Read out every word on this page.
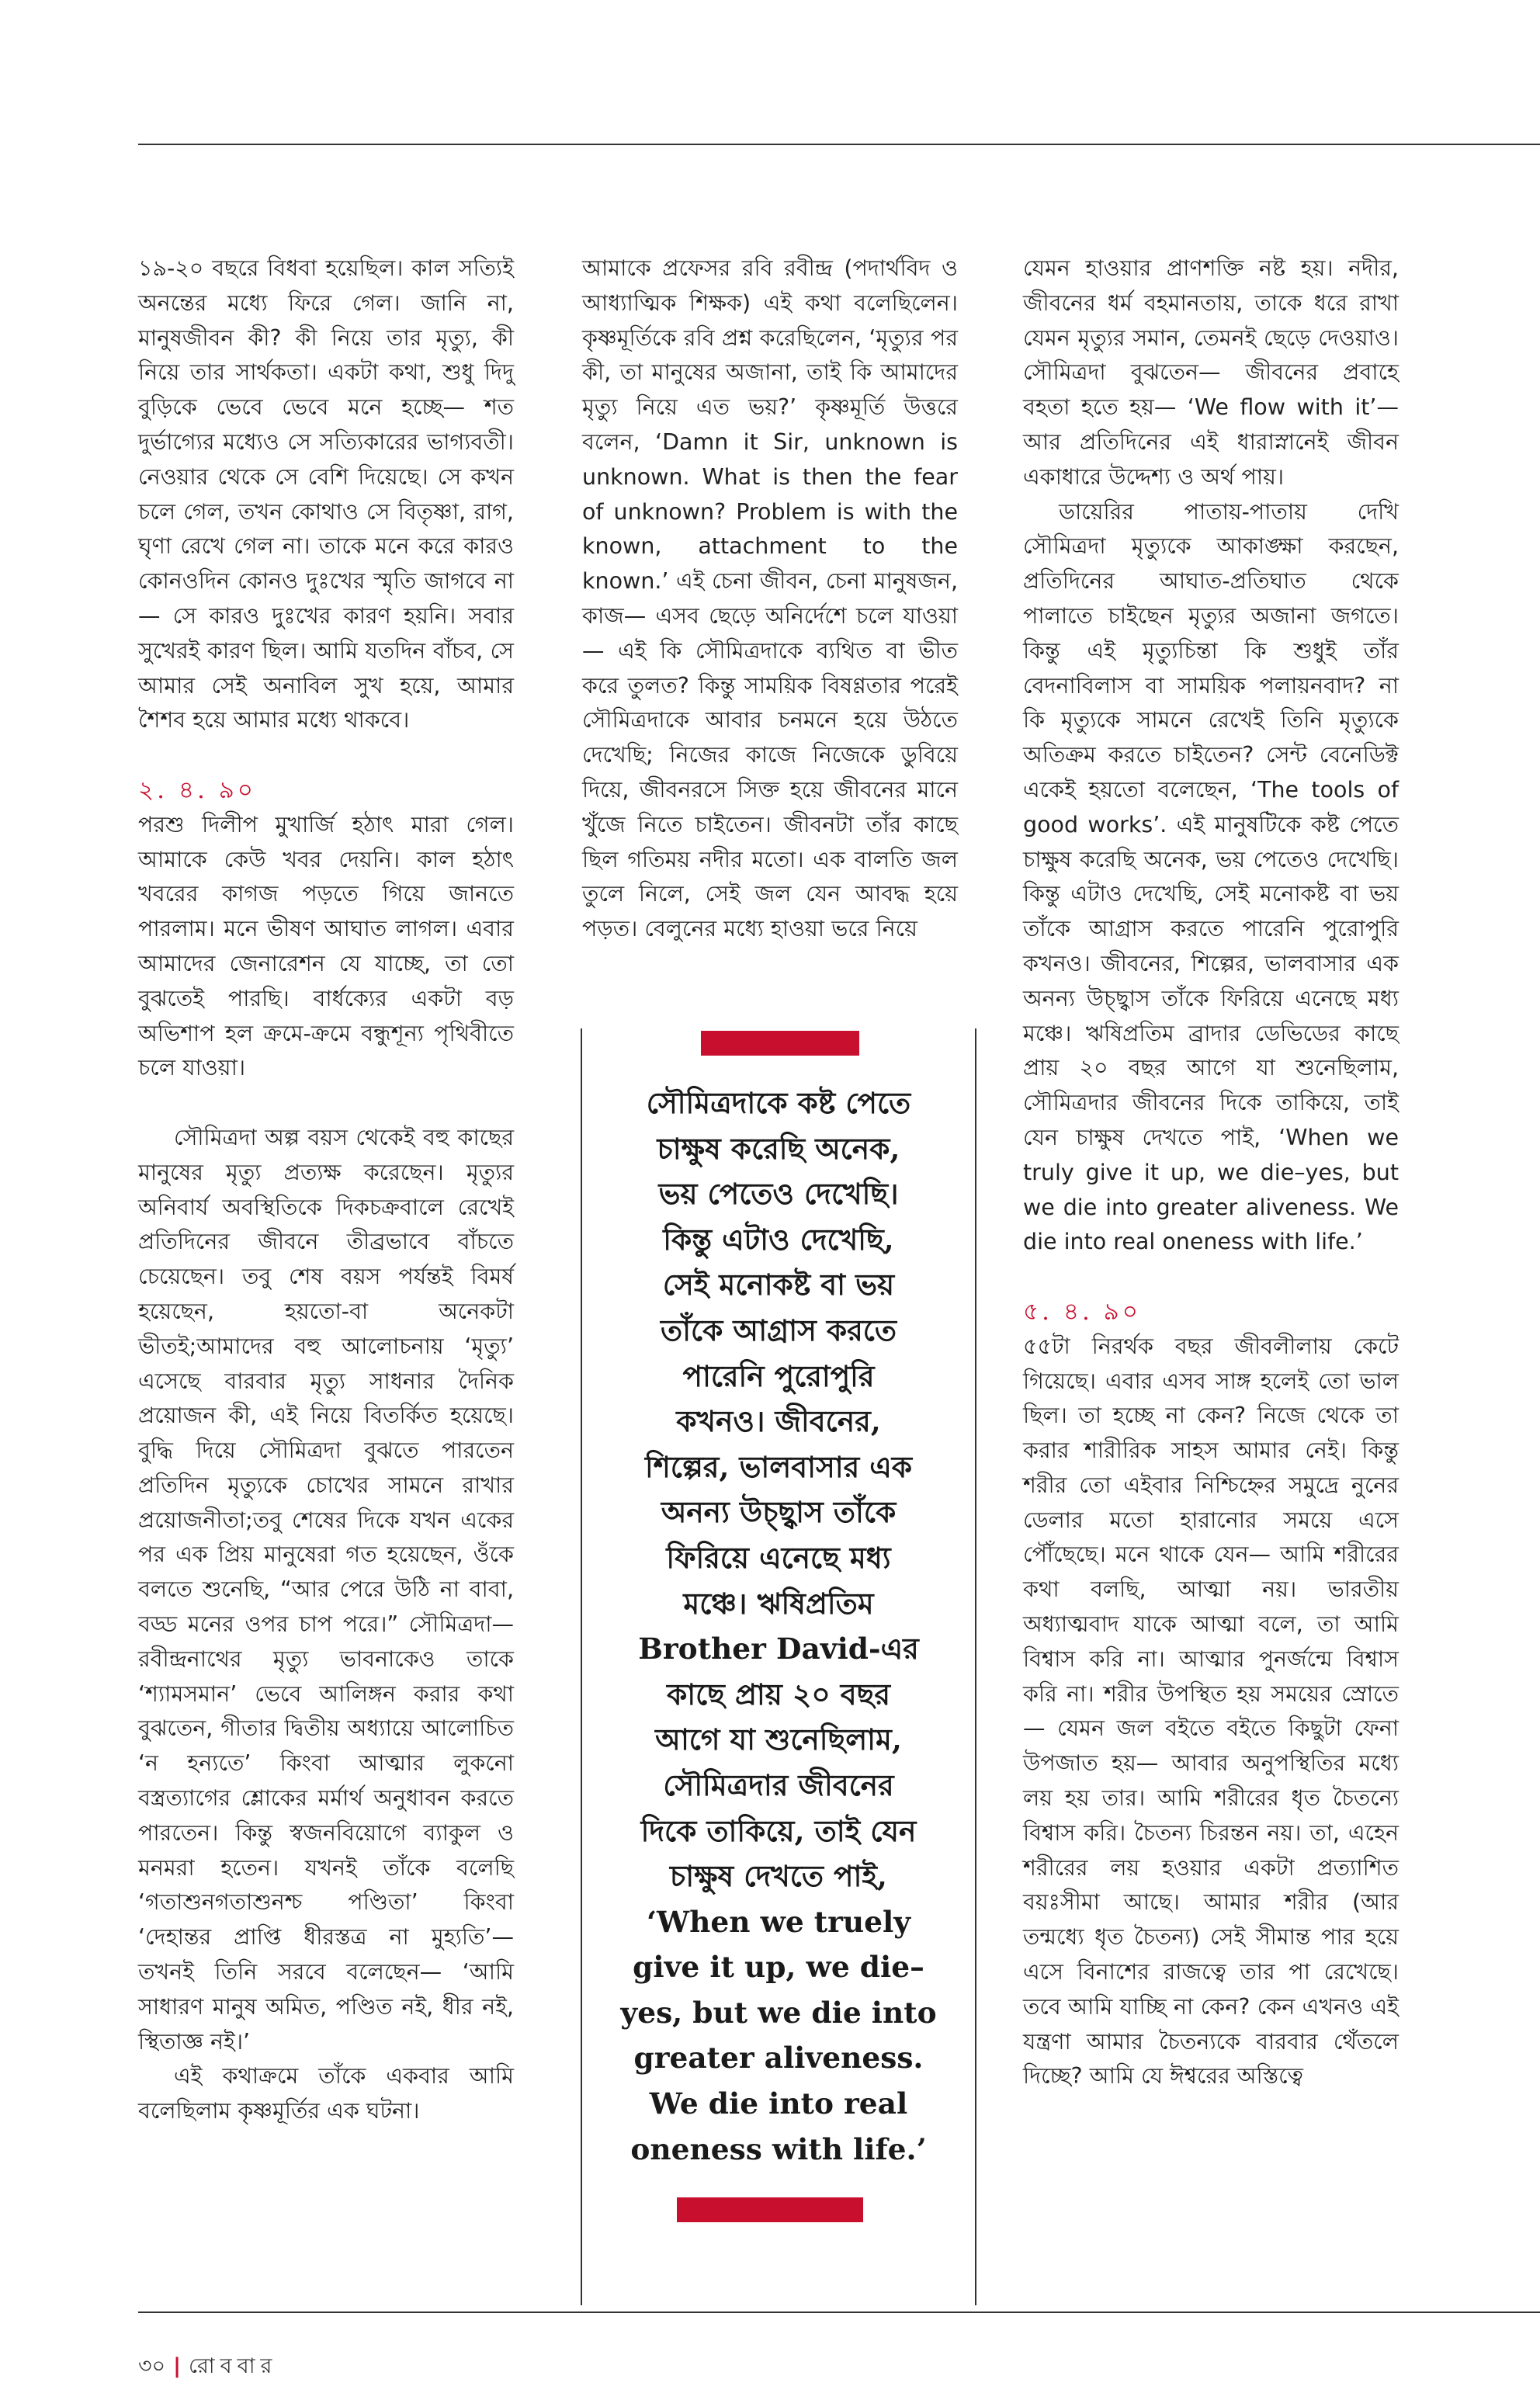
১৯-২০ বছরে বিধবা হয়েছিল। কাল সত্যিই অনন্তের মধ্যে ফিরে গেল। জানি না, মানুষজীবন কী? কী নিয়ে তার মৃত্যু, কী নিয়ে তার সার্থকতা। একটা কথা, শুধু দিদু বুড়িকে ভেবে ভেবে মনে হচ্ছে— শত দুর্ভাগ্যের মধ্যেও সে সত্যিকারের ভাগ্যবতী। নেওয়ার থেকে সে বেশি দিয়েছে। সে কখন চলে গেল, তখন কোথাও সে বিতৃষ্ণা, রাগ, ঘৃণা রেখে গেল না। তাকে মনে করে কারও কোনওদিন কোনও দুঃখের স্মৃতি জাগবে না— সে কারও দুঃখের কারণ হয়নি। সবার সুখেরই কারণ ছিল। আমি যতদিন বাঁচব, সে আমার সেই অনাবিল সুখ হয়ে, আমার শৈশব হয়ে আমার মধ্যে থাকবে।

২. ৪. ৯০

পরশু দিলীপ মুখার্জি হঠাৎ মারা গেল। আমাকে কেউ খবর দেয়নি। কাল হঠাৎ খবরের কাগজ পড়তে গিয়ে জানতে পারলাম। মনে ভীষণ আঘাত লাগল। এবার আমাদের জেনারেশন যে যাচ্ছে, তা তো বুঝতেই পারছি। বার্ধক্যের একটা বড় অভিশাপ হল ক্রমে-ক্রমে বন্ধুশূন্য পৃথিবীতে চলে যাওয়া।

সৌমিত্রদা অল্প বয়স থেকেই বহু কাছের মানুষের মৃত্যু প্রত্যক্ষ করেছেন। মৃত্যুর অনিবার্য অবস্থিতিকে দিকচক্রবালে রেখেই প্রতিদিনের জীবনে তীব্রভাবে বাঁচতে চেয়েছেন। তবু শেষ বয়স পর্যন্তই বিমর্ষ হয়েছেন, হয়তো-বা অনেকটা ভীতই;আমাদের বহু আলোচনায় ‘মৃত্যু’ এসেছে বারবার মৃত্যু সাধনার দৈনিক প্রয়োজন কী, এই নিয়ে বিতর্কিত হয়েছে। বুদ্ধি দিয়ে সৌমিত্রদা বুঝতে পারতেন প্রতিদিন মৃত্যুকে চোখের সামনে রাখার প্রয়োজনীতা;তবু শেষের দিকে যখন একের পর এক প্রিয় মানুষেরা গত হয়েছেন, ওঁকে বলতে শুনেছি, “আর পেরে উঠি না বাবা, বড্ড মনের ওপর চাপ পরে।” সৌমিত্রদা— রবীন্দ্রনাথের মৃত্যু ভাবনাকেও তাকে ‘শ্যামসমান’ ভেবে আলিঙ্গন করার কথা বুঝতেন, গীতার দ্বিতীয় অধ্যায়ে আলোচিত ‘ন হন্যতে’ কিংবা আত্মার লুকনো বস্ত্রত্যাগের শ্লোকের মর্মার্থ অনুধাবন করতে পারতেন। কিন্তু স্বজনবিয়োগে ব্যাকুল ও মনমরা হতেন। যখনই তাঁকে বলেছি ‘গতাশুনগতাশুনশ্চ পণ্ডিতা’ কিংবা ‘দেহান্তর প্রাপ্তি ধীরস্তত্র না মুহ্যতি’— তখনই তিনি সরবে বলেছেন— ‘আমি সাধারণ মানুষ অমিত, পণ্ডিত নই, ধীর নই, স্থিতাজ্ঞ নই।’

এই কথাক্রমে তাঁকে একবার আমি বলেছিলাম কৃষ্ণমূর্তির এক ঘটনা।

আমাকে প্রফেসর রবি রবীন্দ্র (পদার্থবিদ ও আধ্যাত্মিক শিক্ষক) এই কথা বলেছিলেন। কৃষ্ণমূর্তিকে রবি প্রশ্ন করেছিলেন, ‘মৃত্যুর পর কী, তা মানুষের অজানা, তাই কি আমাদের মৃত্যু নিয়ে এত ভয়?’ কৃষ্ণমূর্তি উত্তরে বলেন, ‘Damn it Sir, unknown is unknown. What is then the fear of unknown? Problem is with the known, attachment to the known.’ এই চেনা জীবন, চেনা মানুষজন, কাজ— এসব ছেড়ে অনির্দেশে চলে যাওয়া— এই কি সৌমিত্রদাকে ব্যথিত বা ভীত করে তুলত? কিন্তু সাময়িক বিষণ্ণতার পরেই সৌমিত্রদাকে আবার চনমনে হয়ে উঠতে দেখেছি; নিজের কাজে নিজেকে ডুবিয়ে দিয়ে, জীবনরসে সিক্ত হয়ে জীবনের মানে খুঁজে নিতে চাইতেন। জীবনটা তাঁর কাছে ছিল গতিময় নদীর মতো। এক বালতি জল তুলে নিলে, সেই জল যেন আবদ্ধ হয়ে পড়ত। বেলুনের মধ্যে হাওয়া ভরে নিয়ে

সৌমিত্রদাকে কষ্ট পেতে
চাক্ষুষ করেছি অনেক,
ভয় পেতেও দেখেছি।
কিন্তু এটাও দেখেছি,
সেই মনোকষ্ট বা ভয়
তাঁকে আগ্রাস করতে
পারেনি পুরোপুরি
কখনও। জীবনের,
শিল্পের, ভালবাসার এক
অনন্য উচ্ছ্বাস তাঁকে
ফিরিয়ে এনেছে মধ্য
মঞ্চে। ঋষিপ্রতিম
Brother David-এর
কাছে প্রায় ২০ বছর
আগে যা শুনেছিলাম,
সৌমিত্রদার জীবনের
দিকে তাকিয়ে, তাই যেন
চাক্ষুষ দেখতে পাই,
‘When we truely
give it up, we die–
yes, but we die into
greater aliveness.
We die into real
oneness with life.’

যেমন হাওয়ার প্রাণশক্তি নষ্ট হয়। নদীর, জীবনের ধর্ম বহমানতায়, তাকে ধরে রাখা যেমন মৃত্যুর সমান, তেমনই ছেড়ে দেওয়াও। সৌমিত্রদা বুঝতেন— জীবনের প্রবাহে বহতা হতে হয়— ‘We flow with it’— আর প্রতিদিনের এই ধারাস্নানেই জীবন একাধারে উদ্দেশ্য ও অর্থ পায়।

ডায়েরির পাতায়-পাতায় দেখি সৌমিত্রদা মৃত্যুকে আকাঙ্ক্ষা করছেন, প্রতিদিনের আঘাত-প্রতিঘাত থেকে পালাতে চাইছেন মৃত্যুর অজানা জগতে। কিন্তু এই মৃত্যুচিন্তা কি শুধুই তাঁর বেদনাবিলাস বা সাময়িক পলায়নবাদ? না কি মৃত্যুকে সামনে রেখেই তিনি মৃত্যুকে অতিক্রম করতে চাইতেন? সেন্ট বেনেডিক্ট একেই হয়তো বলেছেন, ‘The tools of good works’. এই মানুষটিকে কষ্ট পেতে চাক্ষুষ করেছি অনেক, ভয় পেতেও দেখেছি। কিন্তু এটাও দেখেছি, সেই মনোকষ্ট বা ভয় তাঁকে আগ্রাস করতে পারেনি পুরোপুরি কখনও। জীবনের, শিল্পের, ভালবাসার এক অনন্য উচ্ছ্বাস তাঁকে ফিরিয়ে এনেছে মধ্য মঞ্চে। ঋষিপ্রতিম ব্রাদার ডেভিডের কাছে প্রায় ২০ বছর আগে যা শুনেছিলাম, সৌমিত্রদার জীবনের দিকে তাকিয়ে, তাই যেন চাক্ষুষ দেখতে পাই, ‘When we truly give it up, we die–yes, but we die into greater aliveness. We die into real oneness with life.’

৫. ৪. ৯০

৫৫টা নিরর্থক বছর জীবলীলায় কেটে গিয়েছে। এবার এসব সাঙ্গ হলেই তো ভাল ছিল। তা হচ্ছে না কেন? নিজে থেকে তা করার শারীরিক সাহস আমার নেই। কিন্তু শরীর তো এইবার নিশ্চিহ্নের সমুদ্রে নুনের ডেলার মতো হারানোর সময়ে এসে পৌঁছেছে। মনে থাকে যেন— আমি শরীরের কথা বলছি, আত্মা নয়। ভারতীয় অধ্যাত্মবাদ যাকে আত্মা বলে, তা আমি বিশ্বাস করি না। আত্মার পুনর্জন্মে বিশ্বাস করি না। শরীর উপস্থিত হয় সময়ের স্রোতে— যেমন জল বইতে বইতে কিছুটা ফেনা উপজাত হয়— আবার অনুপস্থিতির মধ্যে লয় হয় তার। আমি শরীরের ধৃত চৈতন্যে বিশ্বাস করি। চৈতন্য চিরন্তন নয়। তা, এহেন শরীরের লয় হওয়ার একটা প্রত্যাশিত বয়ঃসীমা আছে। আমার শরীর (আর তন্মধ্যে ধৃত চৈতন্য) সেই সীমান্ত পার হয়ে এসে বিনাশের রাজত্বে তার পা রেখেছে। তবে আমি যাচ্ছি না কেন? কেন এখনও এই যন্ত্রণা আমার চৈতন্যকে বারবার থেঁতলে দিচ্ছে? আমি যে ঈশ্বরের অস্তিত্বে

৩০ | রোববার
